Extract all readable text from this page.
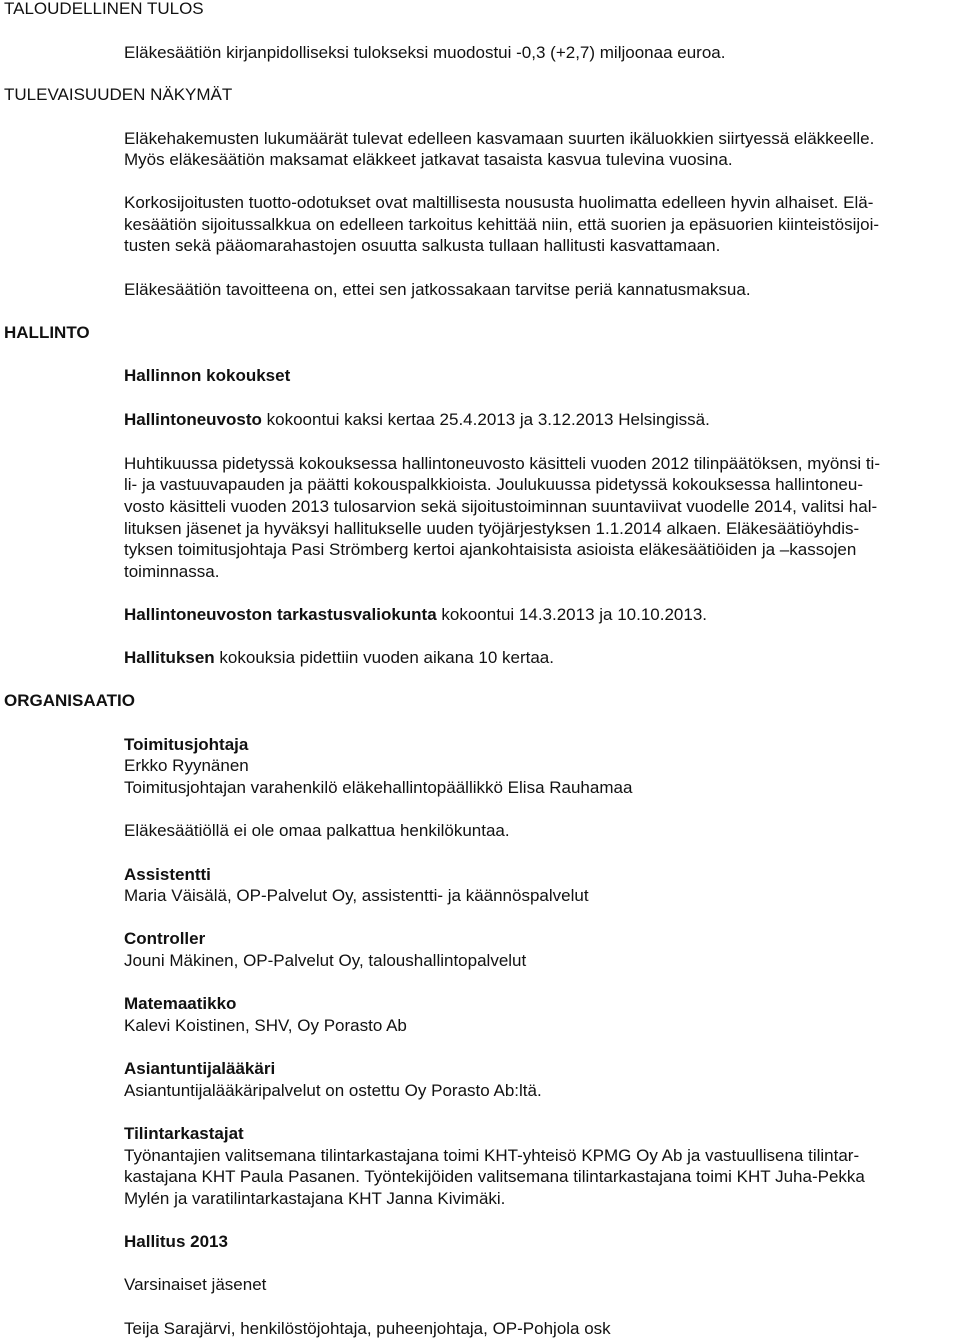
TALOUDELLINEN TULOS
TULEVAISUUDEN NÄKYMÄT
HALLINTO
ORGANISAATIO
Eläkesäätiön kirjanpidolliseksi tulokseksi muodostui -0,3 (+2,7) miljoonaa euroa.
Eläkehakemusten lukumäärät tulevat edelleen kasvamaan suurten ikäluokkien siirtyessä eläkkeelle.
Myös eläkesäätiön maksamat eläkkeet jatkavat tasaista kasvua tulevina vuosina.
Korkosijoitusten tuotto-odotukset ovat maltillisesta noususta huolimatta edelleen hyvin alhaiset. Elä-
kesäätiön sijoitussalkkua on edelleen tarkoitus kehittää niin, että suorien ja epäsuorien kiinteistösijoi-
tusten sekä pääomarahastojen osuutta salkusta tullaan hallitusti kasvattamaan.
Eläkesäätiön tavoitteena on, ettei sen jatkossakaan tarvitse periä kannatusmaksua.
Hallinnon kokoukset
Hallintoneuvosto kokoontui kaksi kertaa 25.4.2013 ja 3.12.2013 Helsingissä.
Huhtikuussa pidetyssä kokouksessa hallintoneuvosto käsitteli vuoden 2012 tilinpäätöksen, myönsi ti-
li- ja vastuuvapauden ja päätti kokouspalkkioista. Joulukuussa pidetyssä kokouksessa hallintoneu-
vosto käsitteli vuoden 2013 tulosarvion sekä sijoitustoiminnan suuntaviivat vuodelle 2014, valitsi hal-
lituksen jäsenet ja hyväksyi hallitukselle uuden työjärjestyksen 1.1.2014 alkaen. Eläkesäätiöyhdis-
tyksen toimitusjohtaja Pasi Strömberg kertoi ajankohtaisista asioista eläkesäätiöiden ja –kassojen
toiminnassa.
Hallintoneuvoston tarkastusvaliokunta kokoontui 14.3.2013 ja 10.10.2013.
Hallituksen kokouksia pidettiin vuoden aikana 10 kertaa.
Toimitusjohtaja
Erkko Ryynänen
Toimitusjohtajan varahenkilö eläkehallintopäällikkö Elisa Rauhamaa
Eläkesäätiöllä ei ole omaa palkattua henkilökuntaa.
Assistentti
Maria Väisälä, OP-Palvelut Oy, assistentti- ja käännöspalvelut
Controller
Jouni Mäkinen, OP-Palvelut Oy, taloushallintopalvelut
Matemaatikko
Kalevi Koistinen, SHV, Oy Porasto Ab
Asiantuntijalääkäri
Asiantuntijalääkäripalvelut on ostettu Oy Porasto Ab:ltä.
Tilintarkastajat
Työnantajien valitsemana tilintarkastajana toimi KHT-yhteisö KPMG Oy Ab ja vastuullisena tilintar-
kastajana KHT Paula Pasanen. Työntekijöiden valitsemana tilintarkastajana toimi KHT Juha-Pekka
Mylén ja varatilintarkastajana KHT Janna Kivimäki.
Hallitus 2013
Varsinaiset jäsenet
Teija Sarajärvi, henkilöstöjohtaja, puheenjohtaja, OP-Pohjola osk
